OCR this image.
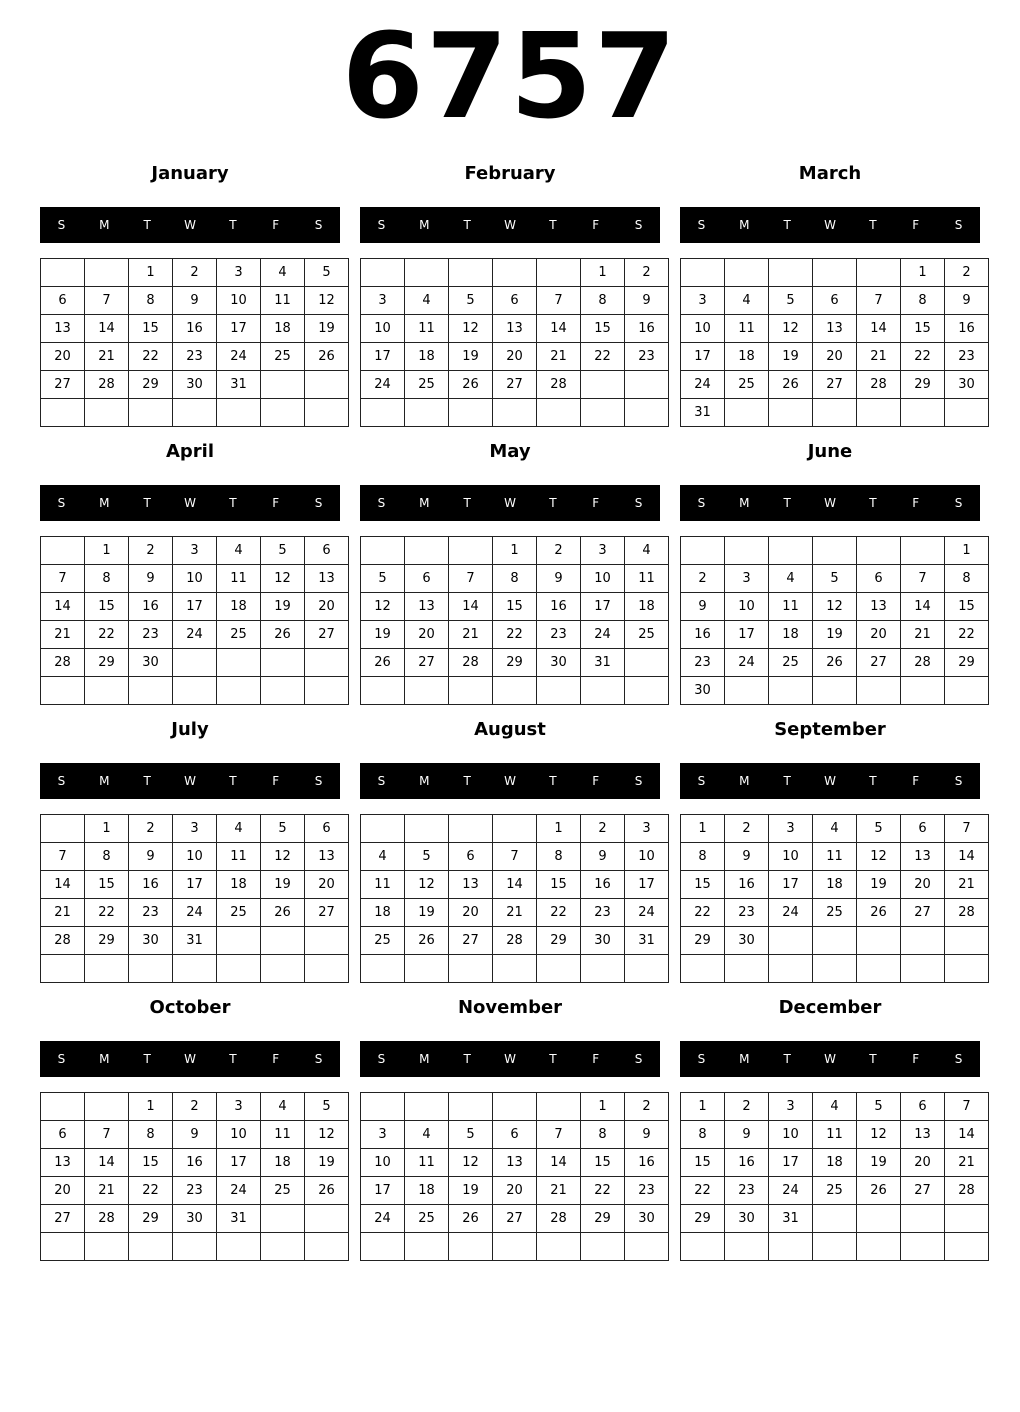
6757
January
S	M	T	W	T	F	S
		1	2	3	4	5
6	7	8	9	10	11	12
13	14	15	16	17	18	19
20	21	22	23	24	25	26
27	28	29	30	31		

February
S	M	T	W	T	F	S
					1	2
3	4	5	6	7	8	9
10	11	12	13	14	15	16
17	18	19	20	21	22	23
24	25	26	27	28		

March
S	M	T	W	T	F	S
					1	2
3	4	5	6	7	8	9
10	11	12	13	14	15	16
17	18	19	20	21	22	23
24	25	26	27	28	29	30
31						
April
S	M	T	W	T	F	S
	1	2	3	4	5	6
7	8	9	10	11	12	13
14	15	16	17	18	19	20
21	22	23	24	25	26	27
28	29	30				

May
S	M	T	W	T	F	S
			1	2	3	4
5	6	7	8	9	10	11
12	13	14	15	16	17	18
19	20	21	22	23	24	25
26	27	28	29	30	31	

June
S	M	T	W	T	F	S
						1
2	3	4	5	6	7	8
9	10	11	12	13	14	15
16	17	18	19	20	21	22
23	24	25	26	27	28	29
30						
July
S	M	T	W	T	F	S
	1	2	3	4	5	6
7	8	9	10	11	12	13
14	15	16	17	18	19	20
21	22	23	24	25	26	27
28	29	30	31			

August
S	M	T	W	T	F	S
				1	2	3
4	5	6	7	8	9	10
11	12	13	14	15	16	17
18	19	20	21	22	23	24
25	26	27	28	29	30	31

September
S	M	T	W	T	F	S
1	2	3	4	5	6	7
8	9	10	11	12	13	14
15	16	17	18	19	20	21
22	23	24	25	26	27	28
29	30					

October
S	M	T	W	T	F	S
		1	2	3	4	5
6	7	8	9	10	11	12
13	14	15	16	17	18	19
20	21	22	23	24	25	26
27	28	29	30	31		

November
S	M	T	W	T	F	S
					1	2
3	4	5	6	7	8	9
10	11	12	13	14	15	16
17	18	19	20	21	22	23
24	25	26	27	28	29	30

December
S	M	T	W	T	F	S
1	2	3	4	5	6	7
8	9	10	11	12	13	14
15	16	17	18	19	20	21
22	23	24	25	26	27	28
29	30	31				
